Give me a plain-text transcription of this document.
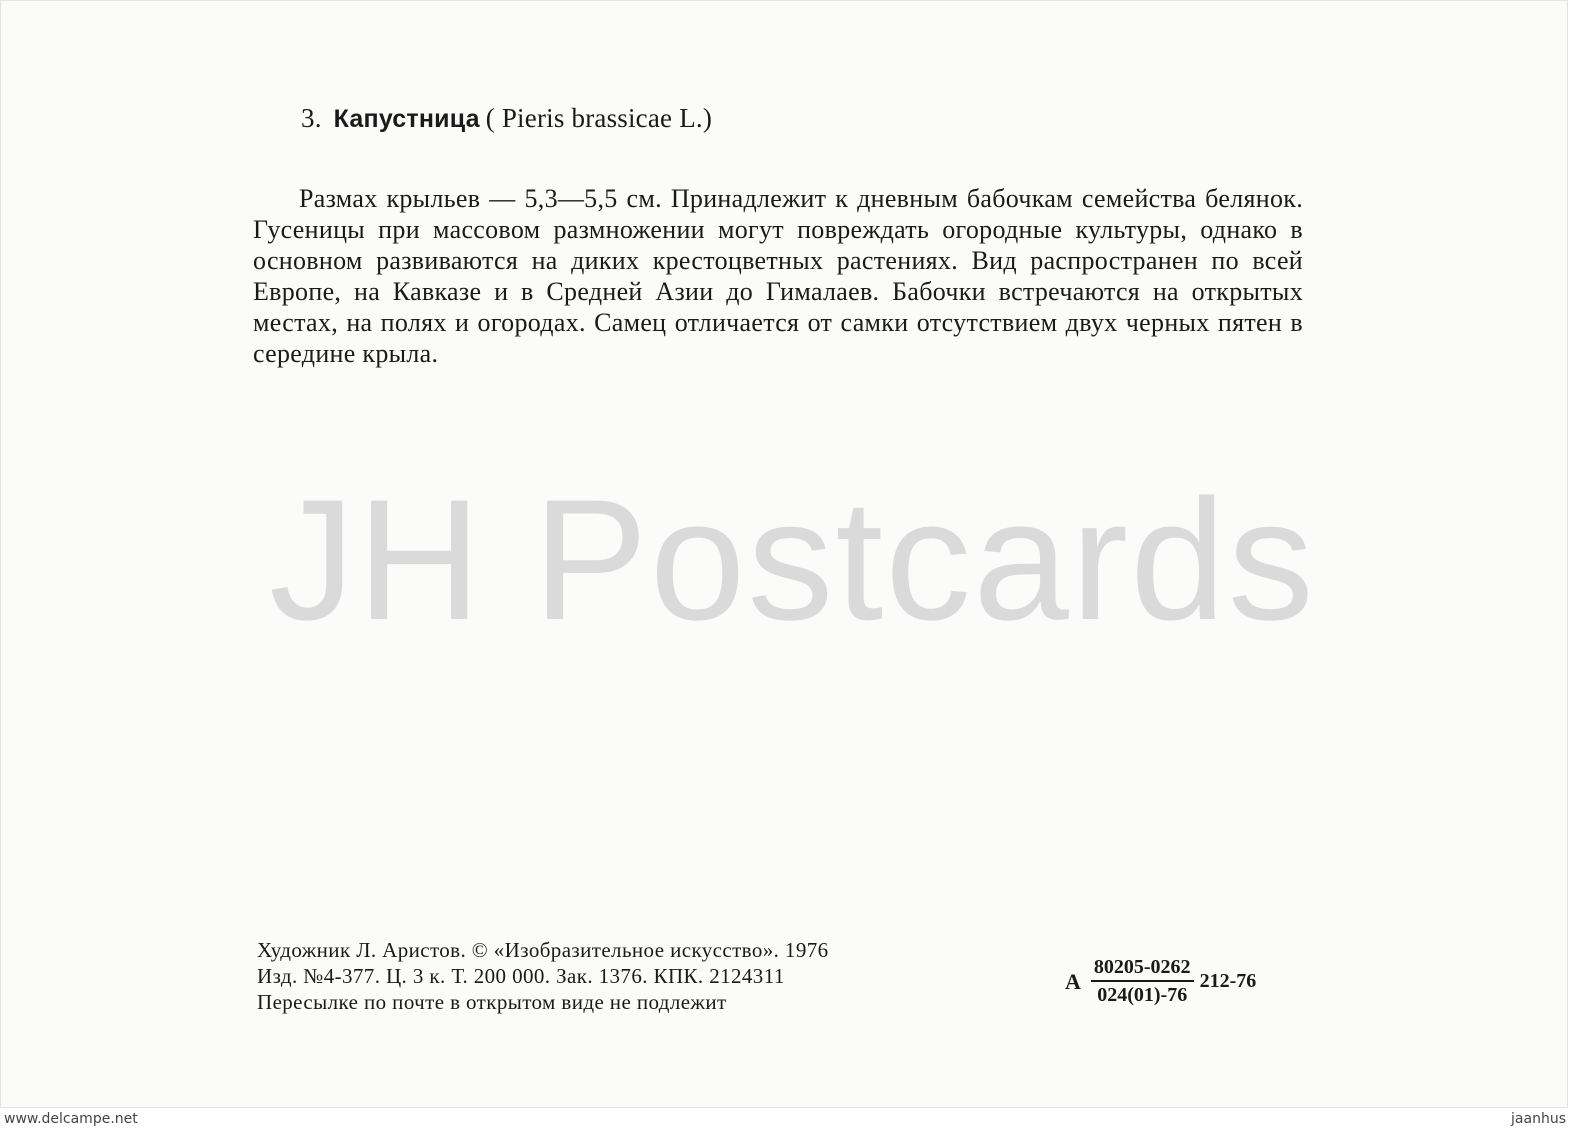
3. Капустница ( Pieris brassicae L.)
Размах крыльев — 5,3—5,5 см. Принадлежит к дневным бабочкам семейства белянок. Гусеницы при массовом размножении могут повреждать огородные культуры, однако в основном развиваются на диких крестоцветных растениях. Вид распространен по всей Европе, на Кавказе и в Средней Азии до Гималаев. Бабочки встречаются на открытых местах, на полях и огородах. Самец отличается от самки отсутствием двух черных пятен в середине крыла.
JH Postcards
Художник Л. Аристов. © «Изобразительное искусство». 1976
Изд. №4-377. Ц. 3 к. Т. 200 000. Зак. 1376. КПК. 2124311
Пересылке по почте в открытом виде не подлежит
А $\frac{80205-0262}{024(01)-76} 212-76$
www.delcampe.net	jaanhus
